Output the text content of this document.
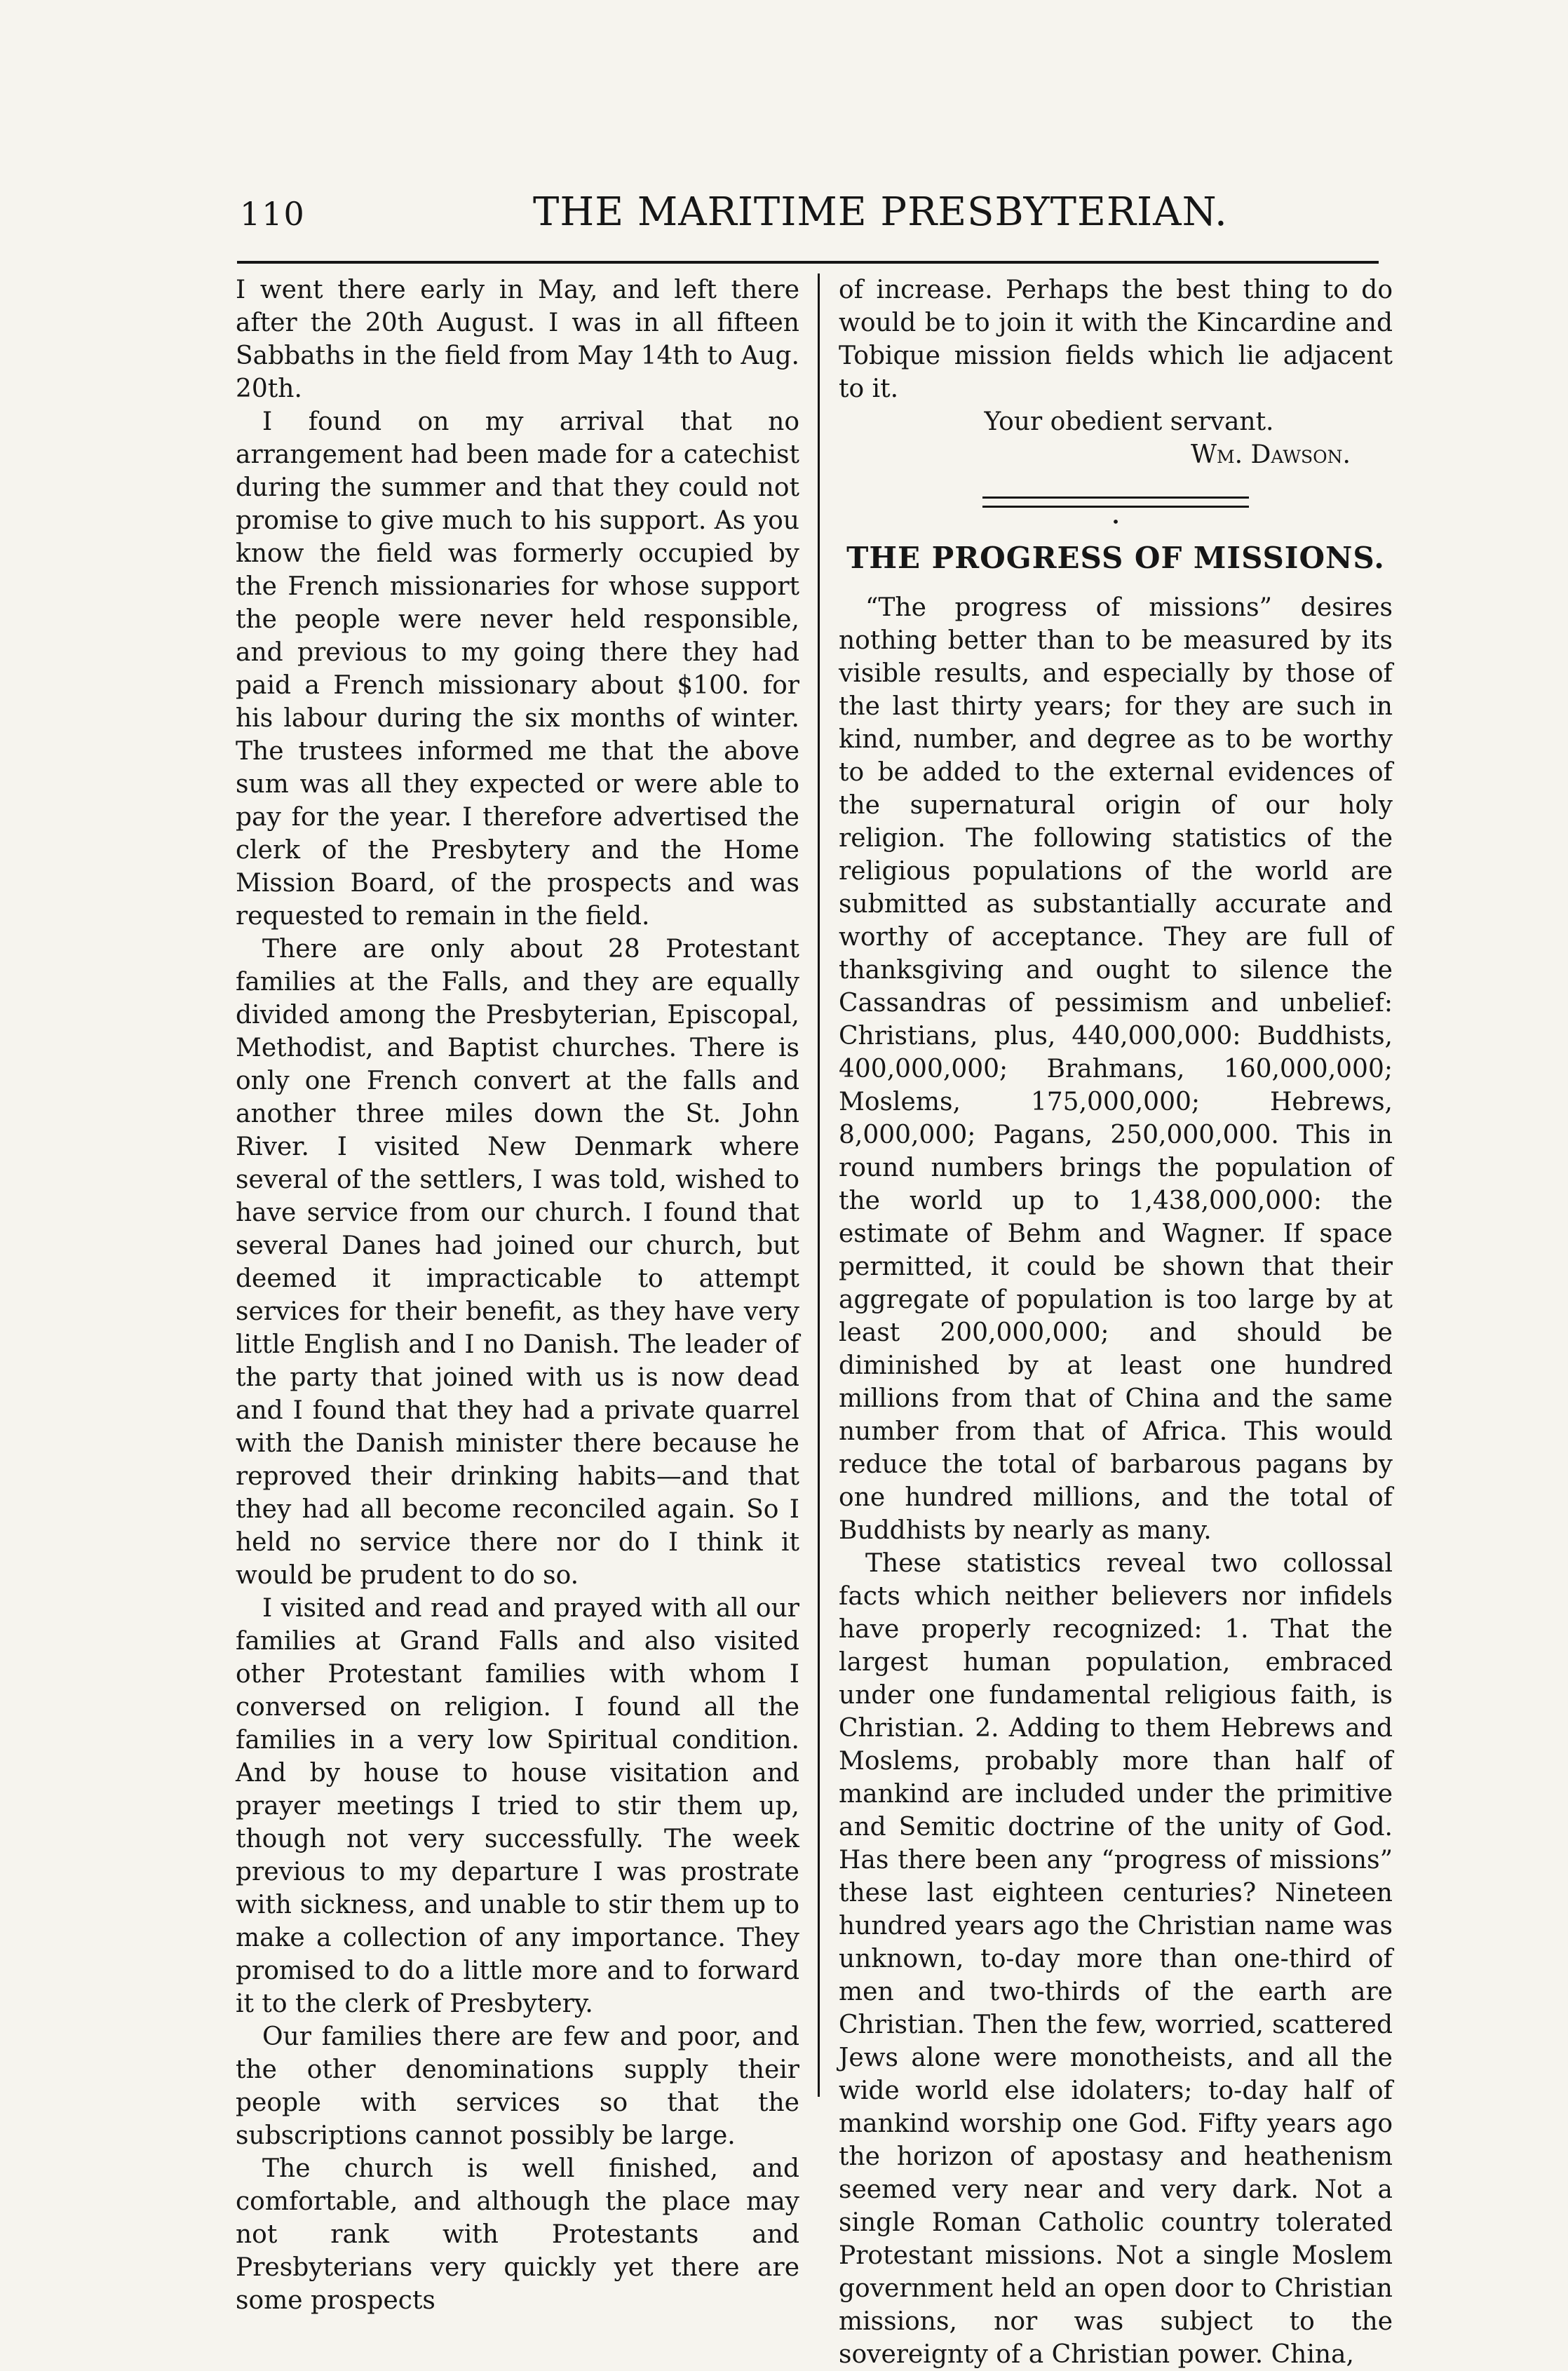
110	THE MARITIME PRESBYTERIAN.

I went there early in May, and left there after the 20th August. I was in all fifteen Sabbaths in the field from May 14th to Aug. 20th.

I found on my arrival that no arrangement had been made for a catechist during the summer and that they could not promise to give much to his support. As you know the field was formerly occupied by the French missionaries for whose support the people were never held responsible, and previous to my going there they had paid a French missionary about $100. for his labour during the six months of winter. The trustees informed me that the above sum was all they expected or were able to pay for the year. I therefore advertised the clerk of the Presbytery and the Home Mission Board, of the prospects and was requested to remain in the field.

There are only about 28 Protestant families at the Falls, and they are equally divided among the Presbyterian, Episcopal, Methodist, and Baptist churches. There is only one French convert at the falls and another three miles down the St. John River. I visited New Denmark where several of the settlers, I was told, wished to have service from our church. I found that several Danes had joined our church, but deemed it impracticable to attempt services for their benefit, as they have very little English and I no Danish. The leader of the party that joined with us is now dead and I found that they had a private quarrel with the Danish minister there because he reproved their drinking habits—and that they had all become reconciled again. So I held no service there nor do I think it would be prudent to do so.

I visited and read and prayed with all our families at Grand Falls and also visited other Protestant families with whom I conversed on religion. I found all the families in a very low Spiritual condition. And by house to house visitation and prayer meetings I tried to stir them up, though not very successfully. The week previous to my departure I was prostrate with sickness, and unable to stir them up to make a collection of any importance. They promised to do a little more and to forward it to the clerk of Presbytery.

Our families there are few and poor, and the other denominations supply their people with services so that the subscriptions cannot possibly be large.

The church is well finished, and comfortable, and although the place may not rank with Protestants and Presbyterians very quickly yet there are some prospects

of increase. Perhaps the best thing to do would be to join it with the Kincardine and Tobique mission fields which lie adjacent to it.

Your obedient servant.

Wm. Dawson.

•
THE PROGRESS OF MISSIONS.

“The progress of missions” desires nothing better than to be measured by its visible results, and especially by those of the last thirty years; for they are such in kind, number, and degree as to be worthy to be added to the external evidences of the supernatural origin of our holy religion. The following statistics of the religious populations of the world are submitted as substantially accurate and worthy of acceptance. They are full of thanksgiving and ought to silence the Cassandras of pessimism and unbelief: Christians, plus, 440,000,000: Buddhists, 400,000,000; Brahmans, 160,000,000; Moslems, 175,000,000; Hebrews, 8,000,000; Pagans, 250,000,000. This in round numbers brings the population of the world up to 1,438,000,000: the estimate of Behm and Wagner. If space permitted, it could be shown that their aggregate of population is too large by at least 200,000,000; and should be diminished by at least one hundred millions from that of China and the same number from that of Africa. This would reduce the total of barbarous pagans by one hundred millions, and the total of Buddhists by nearly as many.

These statistics reveal two collossal facts which neither believers nor infidels have properly recognized: 1. That the largest human population, embraced under one fundamental religious faith, is Christian. 2. Adding to them Hebrews and Moslems, probably more than half of mankind are included under the primitive and Semitic doctrine of the unity of God. Has there been any “progress of missions” these last eighteen centuries? Nineteen hundred years ago the Christian name was unknown, to-day more than one-third of men and two-thirds of the earth are Christian. Then the few, worried, scattered Jews alone were monotheists, and all the wide world else idolaters; to-day half of mankind worship one God. Fifty years ago the horizon of apostasy and heathenism seemed very near and very dark. Not a single Roman Catholic country tolerated Protestant missions. Not a single Moslem government held an open door to Christian missions, nor was subject to the sovereignty of a Christian power. China,
